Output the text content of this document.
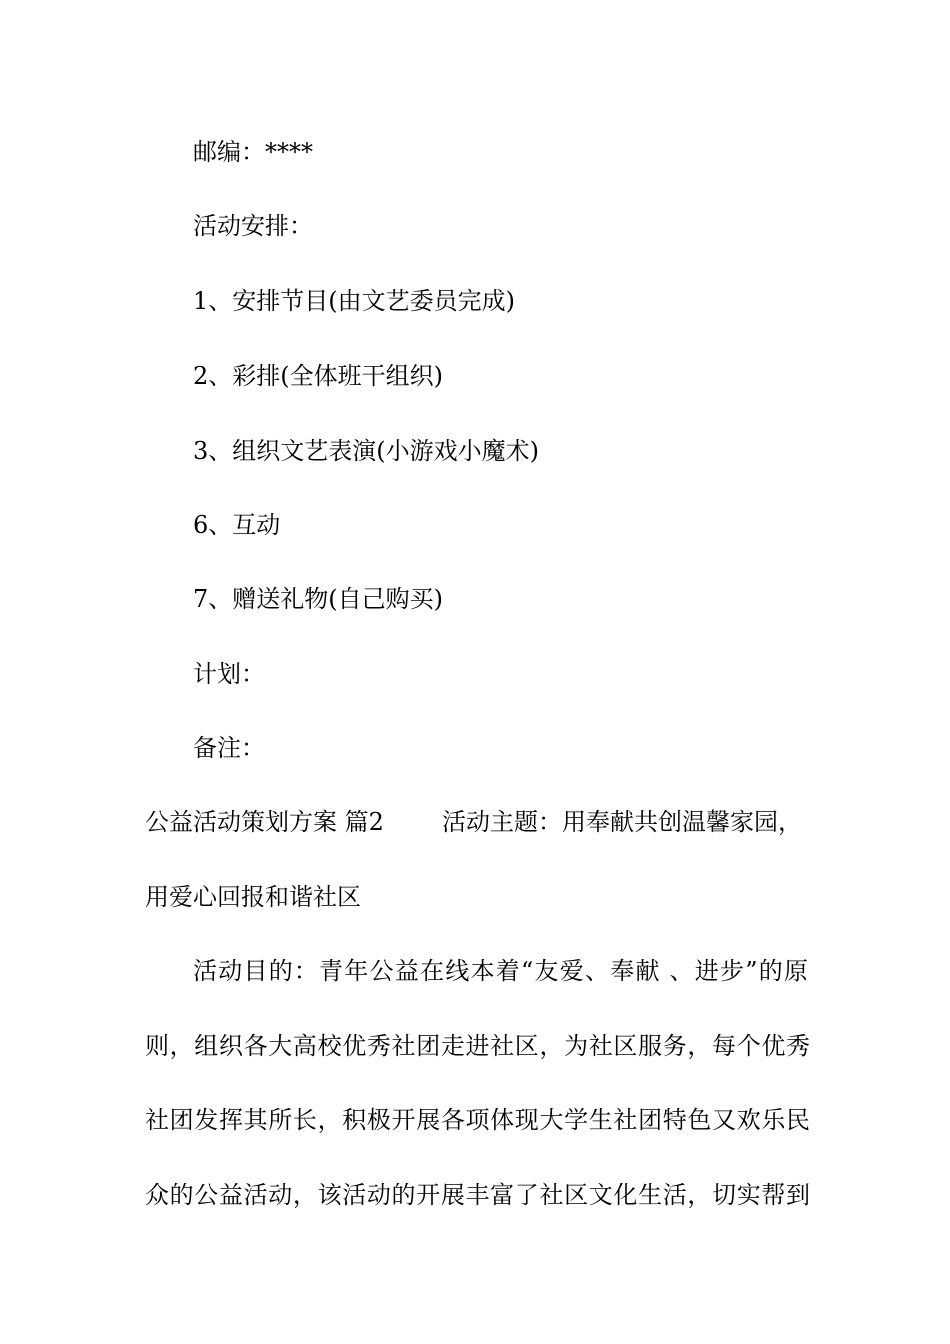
邮编：****
活动安排：
1、安排节目(由文艺委员完成)
2、彩排(全体班干组织)
3、组织文艺表演(小游戏小魔术)
6、互动
7、赠送礼物(自己购买)
计划：
备注：
公益活动策划方案 篇2 活动主题：用奉献共创温馨家园，
用爱心回报和谐社区
活动目的：青年公益在线本着“友爱、奉献 、进步”的原
则，组织各大高校优秀社团走进社区，为社区服务，每个优秀
社团发挥其所长，积极开展各项体现大学生社团特色又欢乐民
众的公益活动，该活动的开展丰富了社区文化生活，切实帮到
